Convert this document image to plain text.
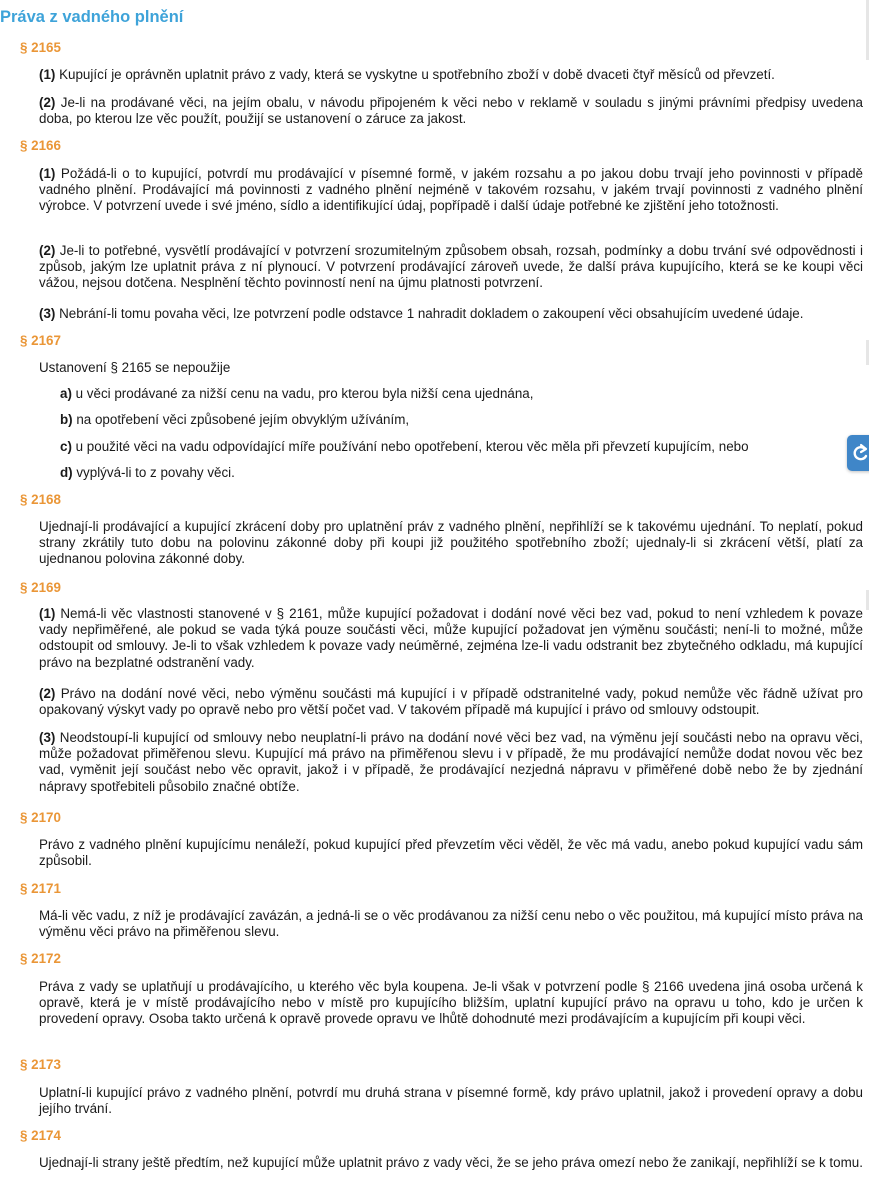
Práva z vadného plnění
§ 2165

(1) Kupující je oprávněn uplatnit právo z vady, která se vyskytne u spotřebního zboží v době dvaceti čtyř měsíců od převzetí.

(2) Je-li na prodávané věci, na jejím obalu, v návodu připojeném k věci nebo v reklamě v souladu s jinými právními předpisy uvedena doba, po kterou lze věc použít, použijí se ustanovení o záruce za jakost.

§ 2166

(1) Požádá-li o to kupující, potvrdí mu prodávající v písemné formě, v jakém rozsahu a po jakou dobu trvají jeho povinnosti v případě vadného plnění. Prodávající má povinnosti z vadného plnění nejméně v takovém rozsahu, v jakém trvají povinnosti z vadného plnění výrobce. V potvrzení uvede i své jméno, sídlo a identifikující údaj, popřípadě i další údaje potřebné ke zjištění jeho totožnosti.

(2) Je-li to potřebné, vysvětlí prodávající v potvrzení srozumitelným způsobem obsah, rozsah, podmínky a dobu trvání své odpovědnosti i způsob, jakým lze uplatnit práva z ní plynoucí. V potvrzení prodávající zároveň uvede, že další práva kupujícího, která se ke koupi věci vážou, nejsou dotčena. Nesplnění těchto povinností není na újmu platnosti potvrzení.

(3) Nebrání-li tomu povaha věci, lze potvrzení podle odstavce 1 nahradit dokladem o zakoupení věci obsahujícím uvedené údaje.

§ 2167

Ustanovení § 2165 se nepoužije

a) u věci prodávané za nižší cenu na vadu, pro kterou byla nižší cena ujednána,

b) na opotřebení věci způsobené jejím obvyklým užíváním,

c) u použité věci na vadu odpovídající míře používání nebo opotřebení, kterou věc měla při převzetí kupujícím, nebo

d) vyplývá-li to z povahy věci.

§ 2168

Ujednají-li prodávající a kupující zkrácení doby pro uplatnění práv z vadného plnění, nepřihlíží se k takovému ujednání. To neplatí, pokud strany zkrátily tuto dobu na polovinu zákonné doby při koupi již použitého spotřebního zboží; ujednaly-li si zkrácení větší, platí za ujednanou polovina zákonné doby.

§ 2169

(1) Nemá-li věc vlastnosti stanovené v § 2161, může kupující požadovat i dodání nové věci bez vad, pokud to není vzhledem k povaze vady nepřiměřené, ale pokud se vada týká pouze součásti věci, může kupující požadovat jen výměnu součásti; není-li to možné, může odstoupit od smlouvy. Je-li to však vzhledem k povaze vady neúměrné, zejména lze-li vadu odstranit bez zbytečného odkladu, má kupující právo na bezplatné odstranění vady.

(2) Právo na dodání nové věci, nebo výměnu součásti má kupující i v případě odstranitelné vady, pokud nemůže věc řádně užívat pro opakovaný výskyt vady po opravě nebo pro větší počet vad. V takovém případě má kupující i právo od smlouvy odstoupit.

(3) Neodstoupí-li kupující od smlouvy nebo neuplatní-li právo na dodání nové věci bez vad, na výměnu její součásti nebo na opravu věci, může požadovat přiměřenou slevu. Kupující má právo na přiměřenou slevu i v případě, že mu prodávající nemůže dodat novou věc bez vad, vyměnit její součást nebo věc opravit, jakož i v případě, že prodávající nezjedná nápravu v přiměřené době nebo že by zjednání nápravy spotřebiteli působilo značné obtíže.

§ 2170

Právo z vadného plnění kupujícímu nenáleží, pokud kupující před převzetím věci věděl, že věc má vadu, anebo pokud kupující vadu sám způsobil.

§ 2171

Má-li věc vadu, z níž je prodávající zavázán, a jedná-li se o věc prodávanou za nižší cenu nebo o věc použitou, má kupující místo práva na výměnu věci právo na přiměřenou slevu.

§ 2172

Práva z vady se uplatňují u prodávajícího, u kterého věc byla koupena. Je-li však v potvrzení podle § 2166 uvedena jiná osoba určená k opravě, která je v místě prodávajícího nebo v místě pro kupujícího bližším, uplatní kupující právo na opravu u toho, kdo je určen k provedení opravy. Osoba takto určená k opravě provede opravu ve lhůtě dohodnuté mezi prodávajícím a kupujícím při koupi věci.

§ 2173

Uplatní-li kupující právo z vadného plnění, potvrdí mu druhá strana v písemné formě, kdy právo uplatnil, jakož i provedení opravy a dobu jejího trvání.

§ 2174

Ujednají-li strany ještě předtím, než kupující může uplatnit právo z vady věci, že se jeho práva omezí nebo že zanikají, nepřihlíží se k tomu.
